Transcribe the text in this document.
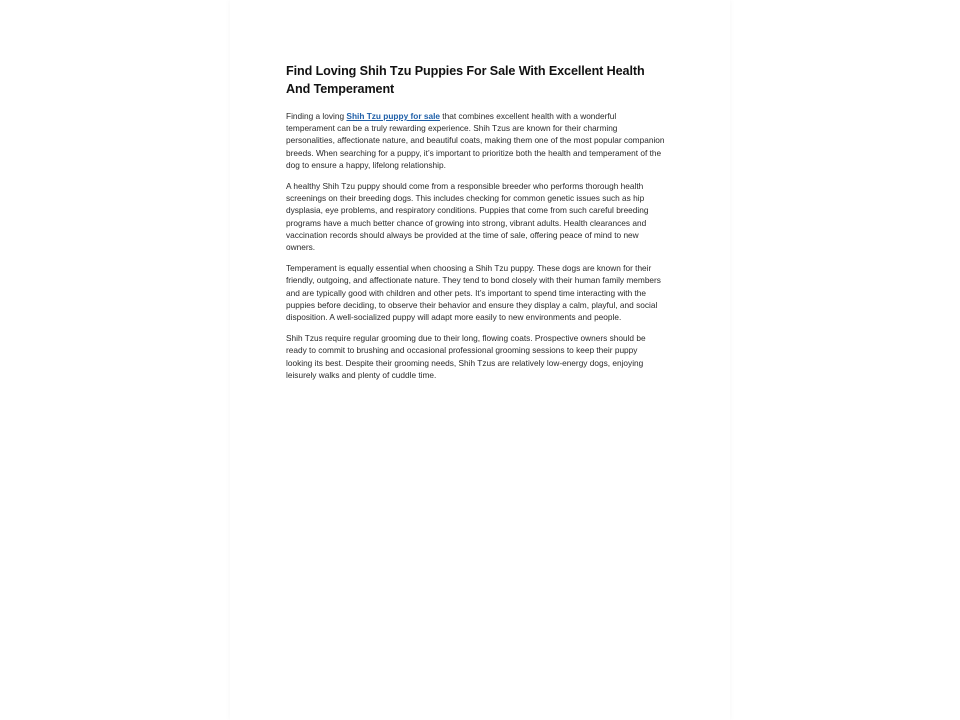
Find Loving Shih Tzu Puppies For Sale With Excellent Health And Temperament

Finding a loving Shih Tzu puppy for sale that combines excellent health with a wonderful temperament can be a truly rewarding experience. Shih Tzus are known for their charming personalities, affectionate nature, and beautiful coats, making them one of the most popular companion breeds. When searching for a puppy, it’s important to prioritize both the health and temperament of the dog to ensure a happy, lifelong relationship.

A healthy Shih Tzu puppy should come from a responsible breeder who performs thorough health screenings on their breeding dogs. This includes checking for common genetic issues such as hip dysplasia, eye problems, and respiratory conditions. Puppies that come from such careful breeding programs have a much better chance of growing into strong, vibrant adults. Health clearances and vaccination records should always be provided at the time of sale, offering peace of mind to new owners.

Temperament is equally essential when choosing a Shih Tzu puppy. These dogs are known for their friendly, outgoing, and affectionate nature. They tend to bond closely with their human family members and are typically good with children and other pets. It’s important to spend time interacting with the puppies before deciding, to observe their behavior and ensure they display a calm, playful, and social disposition. A well-socialized puppy will adapt more easily to new environments and people.

Shih Tzus require regular grooming due to their long, flowing coats. Prospective owners should be ready to commit to brushing and occasional professional grooming sessions to keep their puppy looking its best. Despite their grooming needs, Shih Tzus are relatively low-energy dogs, enjoying leisurely walks and plenty of cuddle time.
